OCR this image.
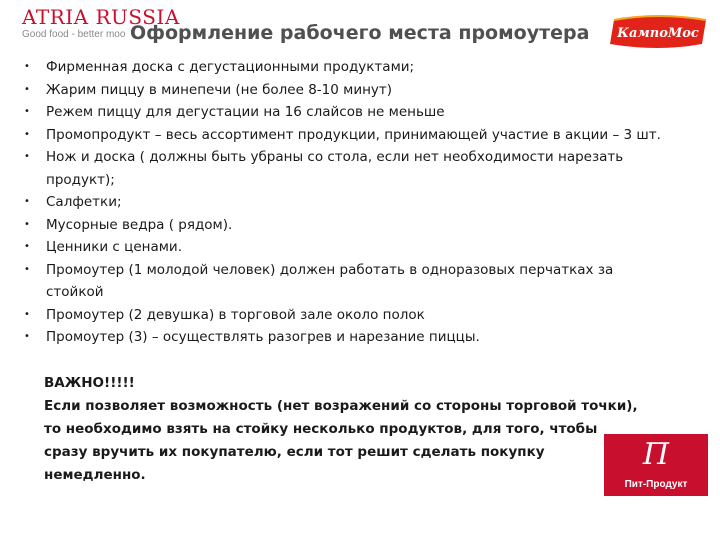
ATRIA RUSSIA
Good food - better moo Оформление рабочего места промоутера	КампоМос
• Фирменная доска с дегустационными продуктами;
• Жарим пиццу в минепечи (не более 8-10 минут)
• Режем пиццу для дегустации на 16 слайсов не меньше
• Промопродукт – весь ассортимент продукции, принимающей участие в акции – 3 шт.
• Нож и доска ( должны быть убраны со стола, если нет необходимости нарезать продукт);
• Салфетки;
• Мусорные ведра ( рядом).
• Ценники с ценами.
• Промоутер (1 молодой человек) должен работать в одноразовых перчатках за стойкой
• Промоутер (2 девушка) в торговой зале около полок
• Промоутер (3) – осуществлять разогрев и нарезание пиццы.

ВАЖНО!!!!!

Если позволяет возможность (нет возражений со стороны торговой точки), то необходимо взять на стойку несколько продуктов, для того, чтобы сразу вручить их покупателю, если тот решит сделать покупку немедленно.

П
Пит-Продукт
